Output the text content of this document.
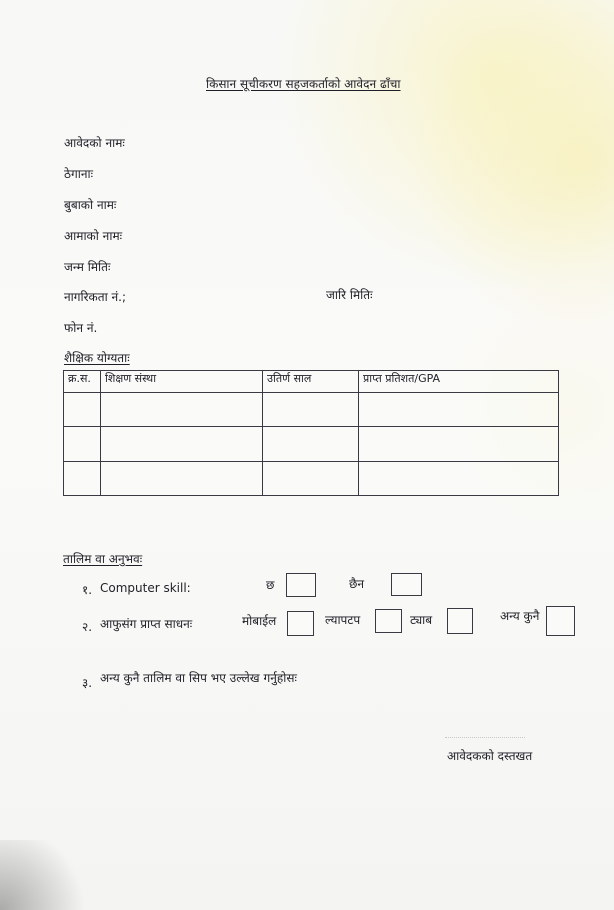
किसान सूचीकरण सहजकर्ताको आवेदन ढाँचा
आवेदको नामः
ठेगानाः
बुबाको नामः
आमाको नामः
जन्म मितिः
नागरिकता नं.;	जारि मितिः
फोन नं.
शैक्षिक योग्यताः
क्र.स.	शिक्षण संस्था	उतिर्ण साल	प्राप्त प्रतिशत/GPA

तालिम वा अनुभवः
१. Computer skill:	छ	छैन
२. आफुसंग प्राप्त साधनः	मोबाईल	ल्यापटप	ट्याब	अन्य कुनै
३. अन्य कुनै तालिम वा सिप भए उल्लेख गर्नुहोसः
आवेदकको दस्तखत
